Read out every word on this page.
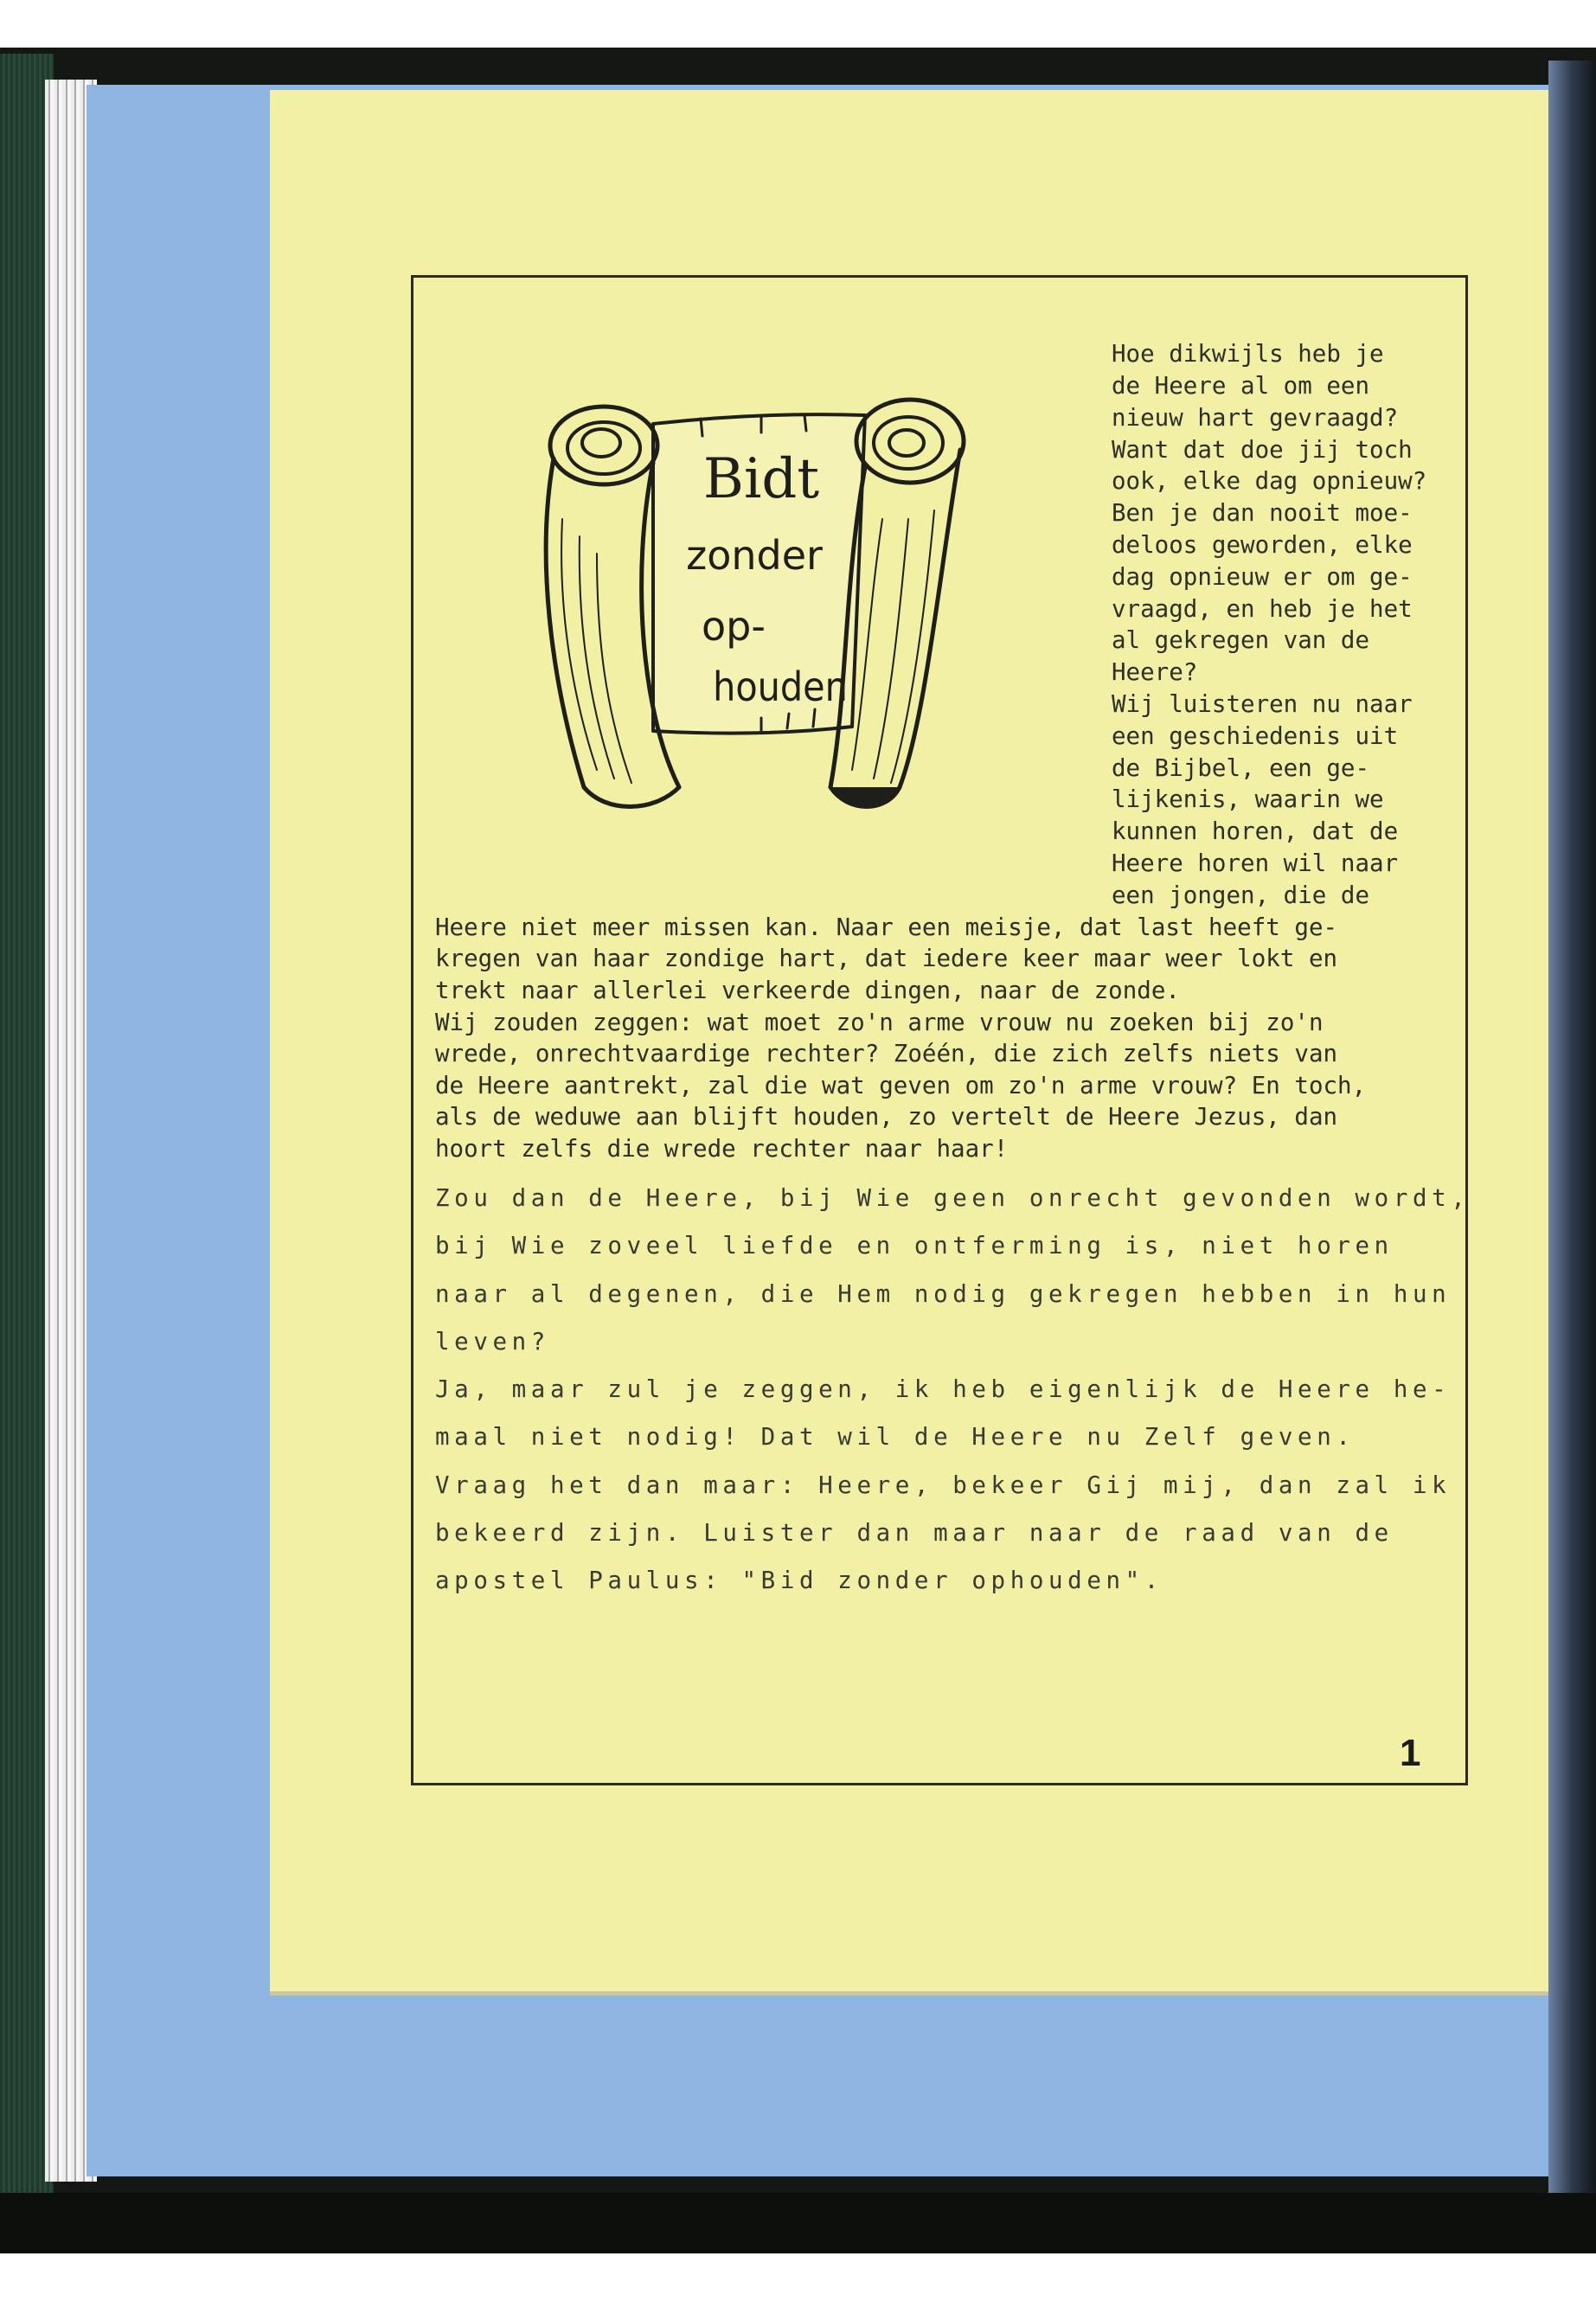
Bidt
zonder
op-
houden
Hoe dikwijls heb je
de Heere al om een
nieuw hart gevraagd?
Want dat doe jij toch
ook, elke dag opnieuw?
Ben je dan nooit moe-
deloos geworden, elke
dag opnieuw er om ge-
vraagd, en heb je het
al gekregen van de
Heere?
Wij luisteren nu naar
een geschiedenis uit
de Bijbel, een ge-
lijkenis, waarin we
kunnen horen, dat de
Heere horen wil naar
een jongen, die de
Heere niet meer missen kan. Naar een meisje, dat last heeft ge-
kregen van haar zondige hart, dat iedere keer maar weer lokt en
trekt naar allerlei verkeerde dingen, naar de zonde.
Wij zouden zeggen: wat moet zo'n arme vrouw nu zoeken bij zo'n
wrede, onrechtvaardige rechter? Zoéén, die zich zelfs niets van
de Heere aantrekt, zal die wat geven om zo'n arme vrouw? En toch,
als de weduwe aan blijft houden, zo vertelt de Heere Jezus, dan
hoort zelfs die wrede rechter naar haar!
Zou dan de Heere, bij Wie geen onrecht gevonden wordt,
bij Wie zoveel liefde en ontferming is, niet horen
naar al degenen, die Hem nodig gekregen hebben in hun
leven?
Ja, maar zul je zeggen, ik heb eigenlijk de Heere he-
maal niet nodig! Dat wil de Heere nu Zelf geven.
Vraag het dan maar: Heere, bekeer Gij mij, dan zal ik
bekeerd zijn. Luister dan maar naar de raad van de
apostel Paulus: "Bid zonder ophouden".
1
